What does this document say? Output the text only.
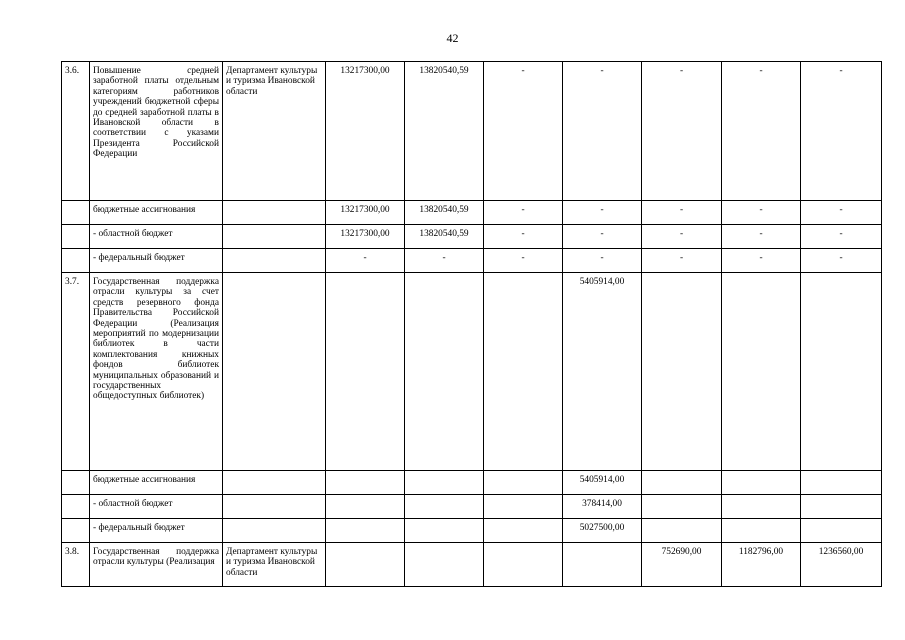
42
3.6.	Повышение средней заработной платы отдельным категориям работников учреждений бюджетной сферы до средней заработной платы в Ивановской области в соответствии с указами Президента Российской Федерации	Департамент культуры и туризма Ивановской области	13217300,00	13820540,59	-	-	-	-	-
	бюджетные ассигнования		13217300,00	13820540,59	-	-	-	-	-
	- областной бюджет		13217300,00	13820540,59	-	-	-	-	-
	- федеральный бюджет		-	-	-	-	-	-	-
3.7.	Государственная поддержка отрасли культуры за счет средств резервного фонда Правительства Российской Федерации (Реализация мероприятий по модернизации библиотек в части комплектования книжных фондов библиотек муниципальных образований и государственных общедоступных библиотек)					5405914,00			
	бюджетные ассигнования					5405914,00			
	- областной бюджет					378414,00			
	- федеральный бюджет					5027500,00			
3.8.	Государственная поддержка отрасли культуры (Реализация	Департамент культуры и туризма Ивановской области					752690,00	1182796,00	1236560,00
